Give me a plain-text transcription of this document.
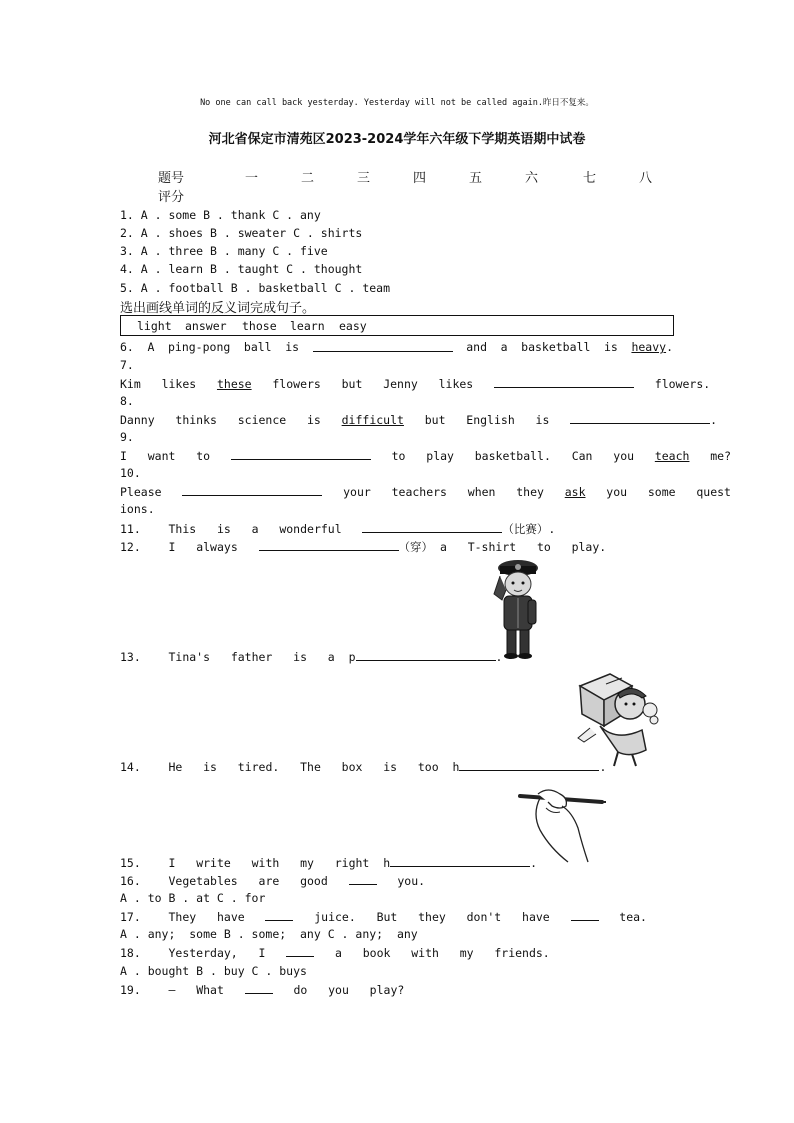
No one can call back yesterday. Yesterday will not be called again.昨日不复来。
河北省保定市清苑区2023-2024学年六年级下学期英语期中试卷
题号	一	二	三	四	五	六	七	八
评分
1. A . some B . thank C . any
2. A . shoes B . sweater C . shirts
3. A . three B . many C . five
4. A . learn B . taught C . thought
5. A . football B . basketball C . team
选出画线单词的反义词完成句子。
light answer those learn easy
6. A ping-pong ball is	and a basketball is heavy.
7.
Kim likes these flowers but Jenny likes	flowers.
8.
Danny thinks science is difficult but English is	.
9.
I want to	to play basketball. Can you teach me?
10.
Please	your teachers when they ask you some quest
ions.
11. This is a wonderful	（比赛）.
12. I always	（穿） a T-shirt to play.
13. Tina's father is a p	.
14. He is tired. The box is too h	.
15. I write with my right h	.
16. Vegetables are good	you.
A . to B . at C . for
17. They have	juice. But they don't have	tea.
A . any;  some B . some;  any C . any;  any
18. Yesterday, I	a book with my friends.
A . bought B . buy C . buys
19. — What	do you play?
